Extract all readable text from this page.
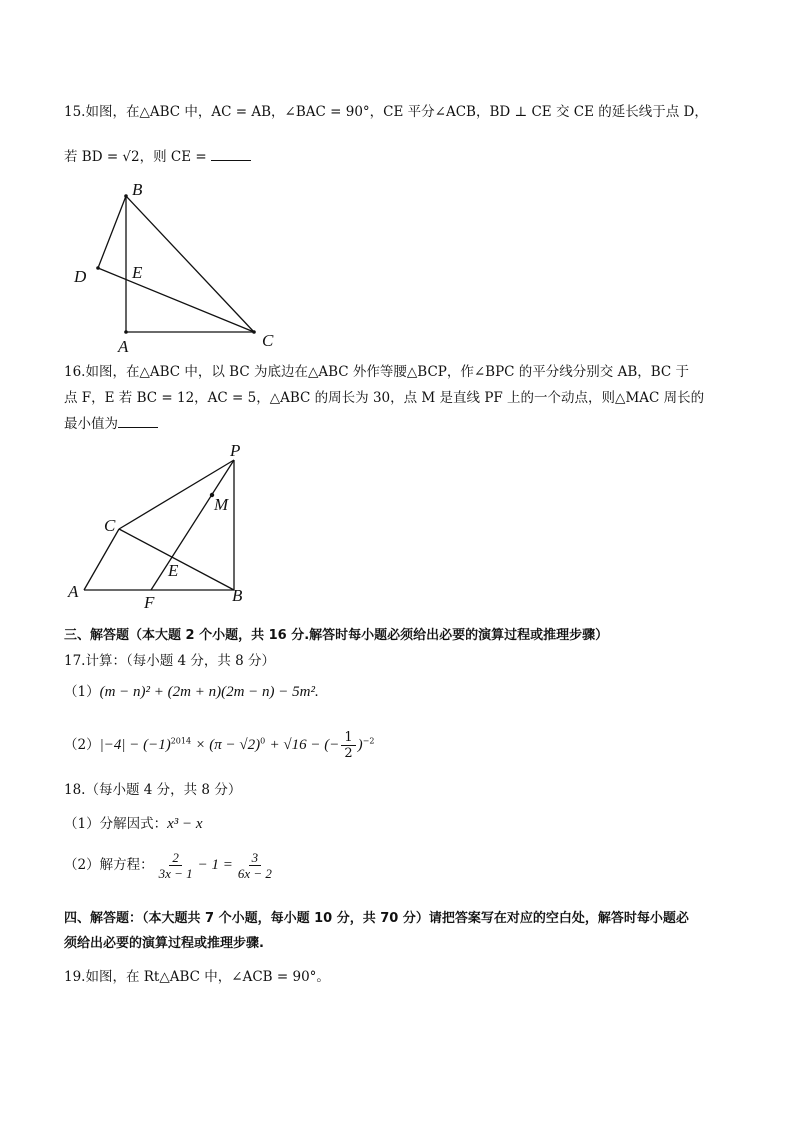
15.如图，在△ABC 中，AC = AB，∠BAC = 90°，CE 平分∠ACB，BD ⊥ CE 交 CE 的延长线于点 D，
若 BD = √2，则 CE =
B
D	E
A	C
16.如图，在△ABC 中，以 BC 为底边在△ABC 外作等腰△BCP，作∠BPC 的平分线分别交 AB，BC 于
点 F，E 若 BC = 12，AC = 5，△ABC 的周长为 30，点 M 是直线 PF 上的一个动点，则△MAC 周长的
最小值为
P
M
C
E
A
F	B
三、解答题（本大题 2 个小题，共 16 分.解答时每小题必须给出必要的演算过程或推理步骤）
17.计算：（每小题 4 分，共 8 分）
（1）(m − n)² + (2m + n)(2m − n) − 5m².
$(2)|-4| - (-1)^{2014} \times (\pi - √2)^0 + √16$ − (− $\frac{1}{2} )^{-2}$
18.（每小题 4 分，共 8 分）
（1）分解因式：x³ − x
（2）解方程： $\frac{2}{3x - 1} - 1 = \frac{3}{6x - 2}$
四、解答题：（本大题共 7 个小题，每小题 10 分，共 70 分）请把答案写在对应的空白处，解答时每小题必
须给出必要的演算过程或推理步骤.
19.如图，在 Rt△ABC 中，∠ACB = 90°。
